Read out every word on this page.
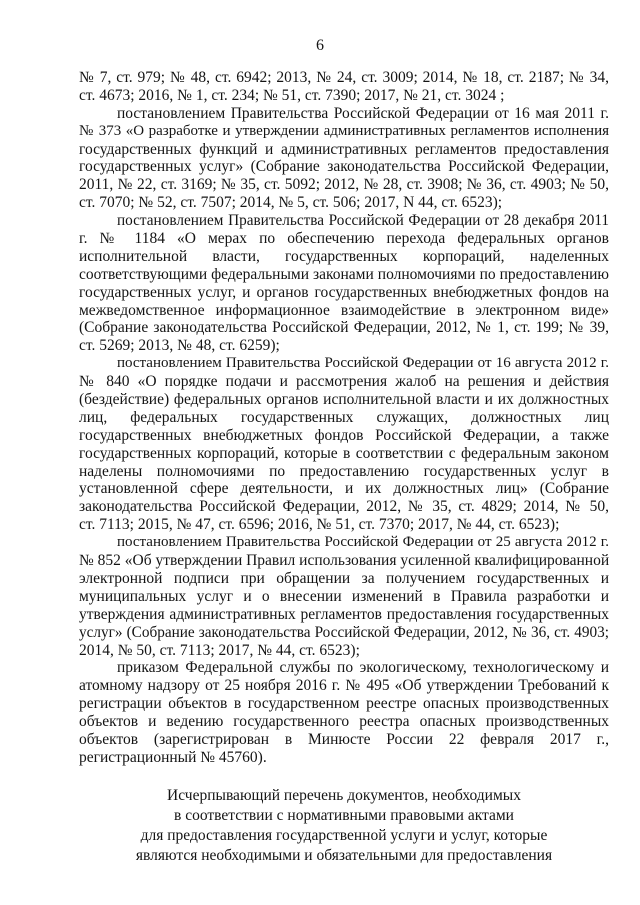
6
№ 7, ст. 979; № 48, ст. 6942; 2013, № 24, ст. 3009; 2014, № 18, ст. 2187; № 34,
ст. 4673; 2016, № 1, ст. 234; № 51, ст. 7390; 2017, № 21, ст. 3024 ;
постановлением Правительства Российской Федерации от 16 мая 2011 г.
№ 373 «О разработке и утверждении административных регламентов исполнения
государственных функций и административных регламентов предоставления
государственных услуг» (Собрание законодательства Российской Федерации,
2011, № 22, ст. 3169; № 35, ст. 5092; 2012, № 28, ст. 3908; № 36, ст. 4903; № 50,
ст. 7070; № 52, ст. 7507; 2014, № 5, ст. 506; 2017, N 44, ст. 6523);
постановлением Правительства Российской Федерации от 28 декабря 2011
г. № 1184 «О мерах по обеспечению перехода федеральных органов
исполнительной власти, государственных корпораций, наделенных
соответствующими федеральными законами полномочиями по предоставлению
государственных услуг, и органов государственных внебюджетных фондов на
межведомственное информационное взаимодействие в электронном виде»
(Собрание законодательства Российской Федерации, 2012, № 1, ст. 199; № 39,
ст. 5269; 2013, № 48, ст. 6259);
постановлением Правительства Российской Федерации от 16 августа 2012 г.
№ 840 «О порядке подачи и рассмотрения жалоб на решения и действия
(бездействие) федеральных органов исполнительной власти и их должностных
лиц, федеральных государственных служащих, должностных лиц
государственных внебюджетных фондов Российской Федерации, а также
государственных корпораций, которые в соответствии с федеральным законом
наделены полномочиями по предоставлению государственных услуг в
установленной сфере деятельности, и их должностных лиц» (Собрание
законодательства Российской Федерации, 2012, № 35, ст. 4829; 2014, № 50,
ст. 7113; 2015, № 47, ст. 6596; 2016, № 51, ст. 7370; 2017, № 44, ст. 6523);
постановлением Правительства Российской Федерации от 25 августа 2012 г.
№ 852 «Об утверждении Правил использования усиленной квалифицированной
электронной подписи при обращении за получением государственных и
муниципальных услуг и о внесении изменений в Правила разработки и
утверждения административных регламентов предоставления государственных
услуг» (Собрание законодательства Российской Федерации, 2012, № 36, ст. 4903;
2014, № 50, ст. 7113; 2017, № 44, ст. 6523);
приказом Федеральной службы по экологическому, технологическому и
атомному надзору от 25 ноября 2016 г. № 495 «Об утверждении Требований к
регистрации объектов в государственном реестре опасных производственных
объектов и ведению государственного реестра опасных производственных
объектов (зарегистрирован в Минюсте России 22 февраля 2017 г.,
регистрационный № 45760).
Исчерпывающий перечень документов, необходимых
в соответствии с нормативными правовыми актами
для предоставления государственной услуги и услуг, которые
являются необходимыми и обязательными для предоставления
